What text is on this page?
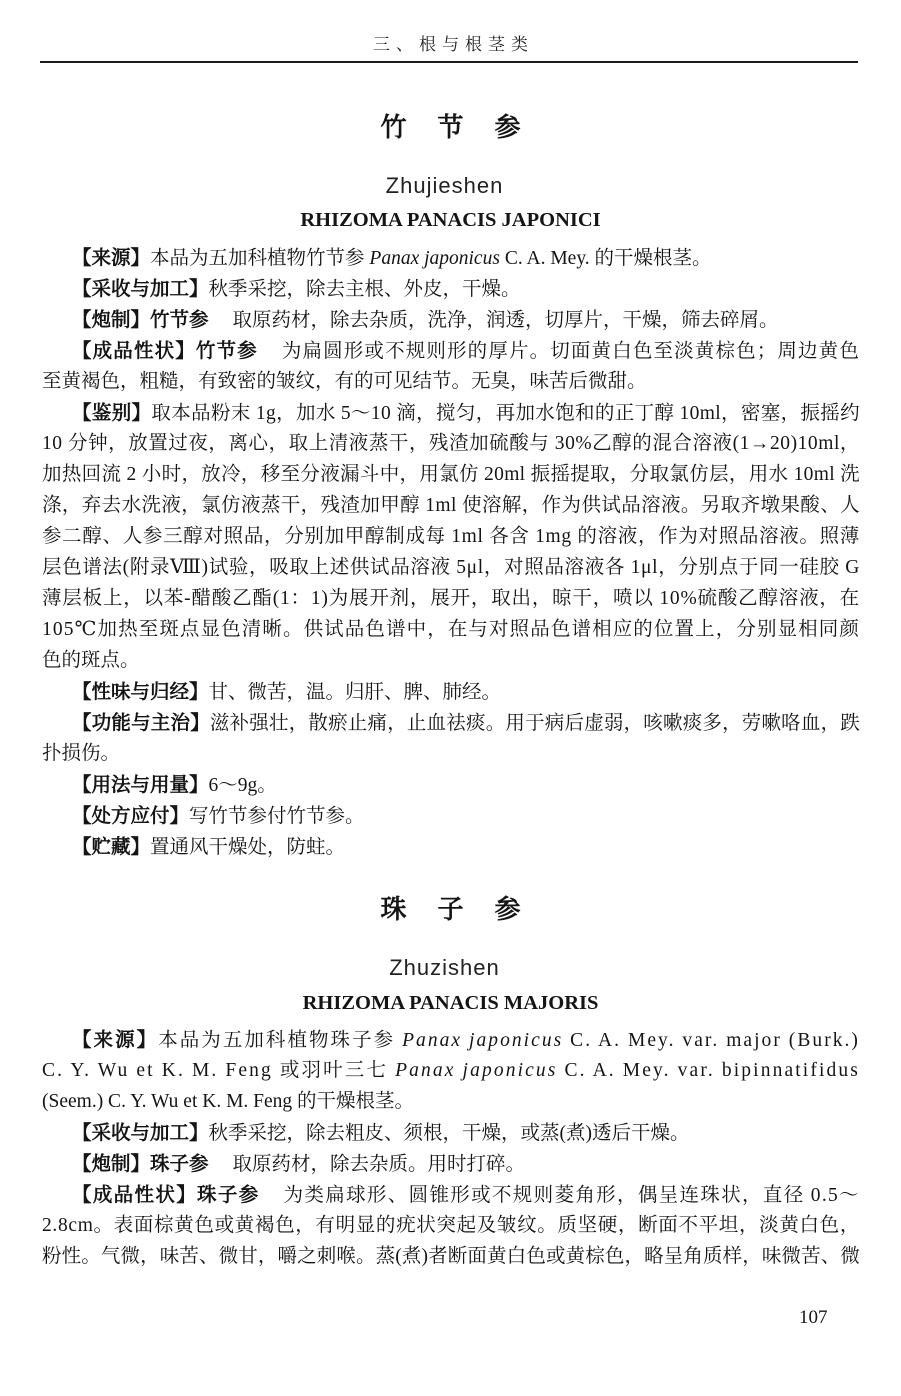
三、根与根茎类
竹 节 参
Zhujieshen
RHIZOMA PANACIS JAPONICI
【来源】本品为五加科植物竹节参 Panax japonicus C. A. Mey. 的干燥根茎。
【采收与加工】秋季采挖，除去主根、外皮，干燥。
【炮制】竹节参 取原药材，除去杂质，洗净，润透，切厚片，干燥，筛去碎屑。
【成品性状】竹节参 为扁圆形或不规则形的厚片。切面黄白色至淡黄棕色；周边黄色
至黄褐色，粗糙，有致密的皱纹，有的可见结节。无臭，味苦后微甜。
【鉴别】取本品粉末 1g，加水 5～10 滴，搅匀，再加水饱和的正丁醇 10ml，密塞，振摇约
10 分钟，放置过夜，离心，取上清液蒸干，残渣加硫酸与 30%乙醇的混合溶液(1→20)10ml，
加热回流 2 小时，放冷，移至分液漏斗中，用氯仿 20ml 振摇提取，分取氯仿层，用水 10ml 洗
涤，弃去水洗液，氯仿液蒸干，残渣加甲醇 1ml 使溶解，作为供试品溶液。另取齐墩果酸、人
参二醇、人参三醇对照品，分别加甲醇制成每 1ml 各含 1mg 的溶液，作为对照品溶液。照薄
层色谱法(附录Ⅷ)试验，吸取上述供试品溶液 5μl，对照品溶液各 1μl，分别点于同一硅胶 G
薄层板上，以苯-醋酸乙酯(1：1)为展开剂，展开，取出，晾干，喷以 10%硫酸乙醇溶液，在
105℃加热至斑点显色清晰。供试品色谱中，在与对照品色谱相应的位置上，分别显相同颜
色的斑点。
【性味与归经】甘、微苦，温。归肝、脾、肺经。
【功能与主治】滋补强壮，散瘀止痛，止血祛痰。用于病后虚弱，咳嗽痰多，劳嗽咯血，跌
扑损伤。
【用法与用量】6～9g。
【处方应付】写竹节参付竹节参。
【贮藏】置通风干燥处，防蛀。
珠 子 参
Zhuzishen
RHIZOMA PANACIS MAJORIS
【来源】本品为五加科植物珠子参 Panax japonicus C. A. Mey. var. major (Burk.)
C. Y. Wu et K. M. Feng 或羽叶三七 Panax japonicus C. A. Mey. var. bipinnatifidus
(Seem.) C. Y. Wu et K. M. Feng 的干燥根茎。
【采收与加工】秋季采挖，除去粗皮、须根，干燥，或蒸(煮)透后干燥。
【炮制】珠子参 取原药材，除去杂质。用时打碎。
【成品性状】珠子参 为类扁球形、圆锥形或不规则菱角形，偶呈连珠状，直径 0.5～
2.8cm。表面棕黄色或黄褐色，有明显的疣状突起及皱纹。质坚硬，断面不平坦，淡黄白色，
粉性。气微，味苦、微甘，嚼之刺喉。蒸(煮)者断面黄白色或黄棕色，略呈角质样，味微苦、微
107
